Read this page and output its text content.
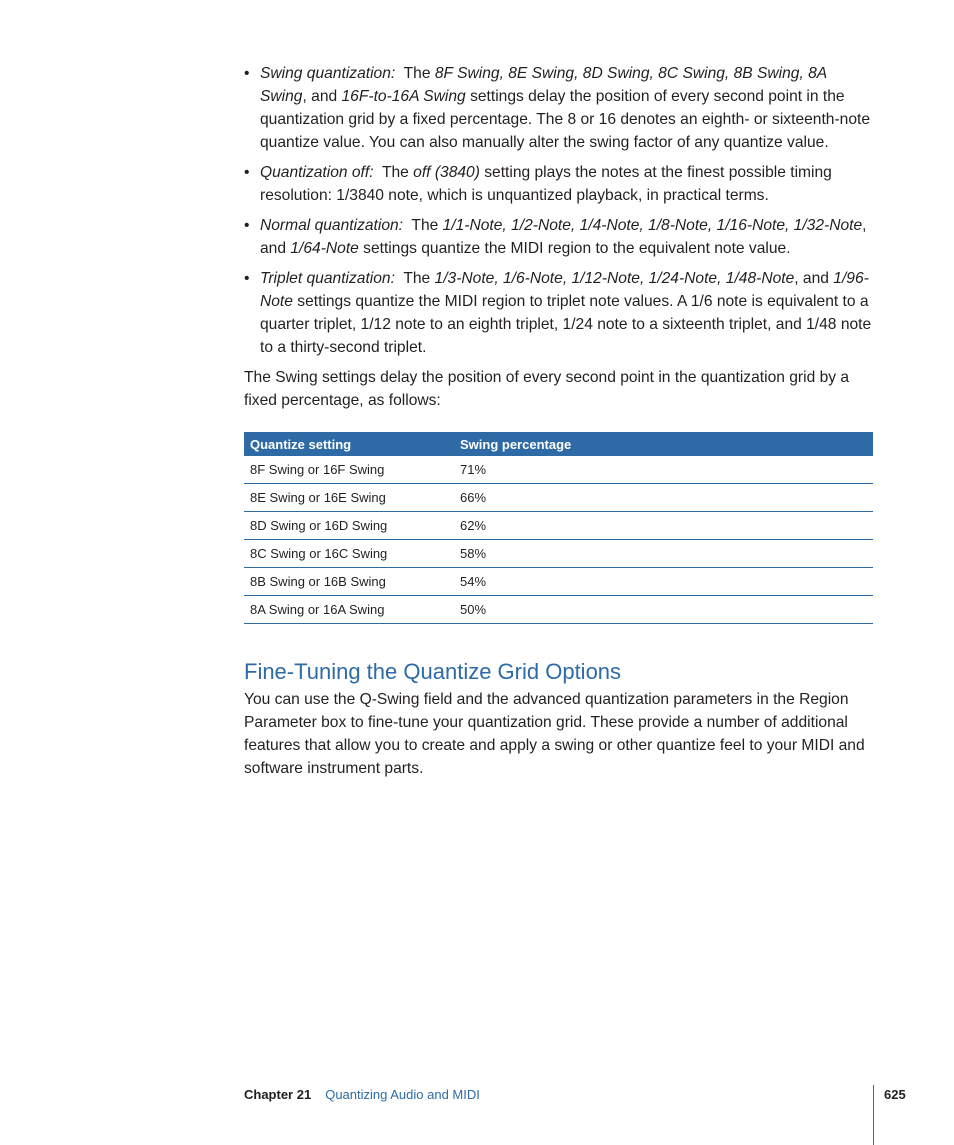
• Swing quantization:  The 8F Swing, 8E Swing, 8D Swing, 8C Swing, 8B Swing, 8A Swing, and 16F-to-16A Swing settings delay the position of every second point in the quantization grid by a fixed percentage. The 8 or 16 denotes an eighth- or sixteenth-note quantize value. You can also manually alter the swing factor of any quantize value.
• Quantization off:  The off (3840) setting plays the notes at the finest possible timing resolution: 1/3840 note, which is unquantized playback, in practical terms.
• Normal quantization:  The 1/1-Note, 1/2-Note, 1/4-Note, 1/8-Note, 1/16-Note, 1/32-Note, and 1/64-Note settings quantize the MIDI region to the equivalent note value.
• Triplet quantization:  The 1/3-Note, 1/6-Note, 1/12-Note, 1/24-Note, 1/48-Note, and 1/96-Note settings quantize the MIDI region to triplet note values. A 1/6 note is equivalent to a quarter triplet, 1/12 note to an eighth triplet, 1/24 note to a sixteenth triplet, and 1/48 note to a thirty-second triplet.

The Swing settings delay the position of every second point in the quantization grid by a fixed percentage, as follows:

Quantize setting	Swing percentage
8F Swing or 16F Swing	71%
8E Swing or 16E Swing	66%
8D Swing or 16D Swing	62%
8C Swing or 16C Swing	58%
8B Swing or 16B Swing	54%
8A Swing or 16A Swing	50%
Fine-Tuning the Quantize Grid Options

You can use the Q-Swing field and the advanced quantization parameters in the Region Parameter box to fine-tune your quantization grid. These provide a number of additional features that allow you to create and apply a swing or other quantize feel to your MIDI and software instrument parts.

Chapter 21 Quantizing Audio and MIDI	625
